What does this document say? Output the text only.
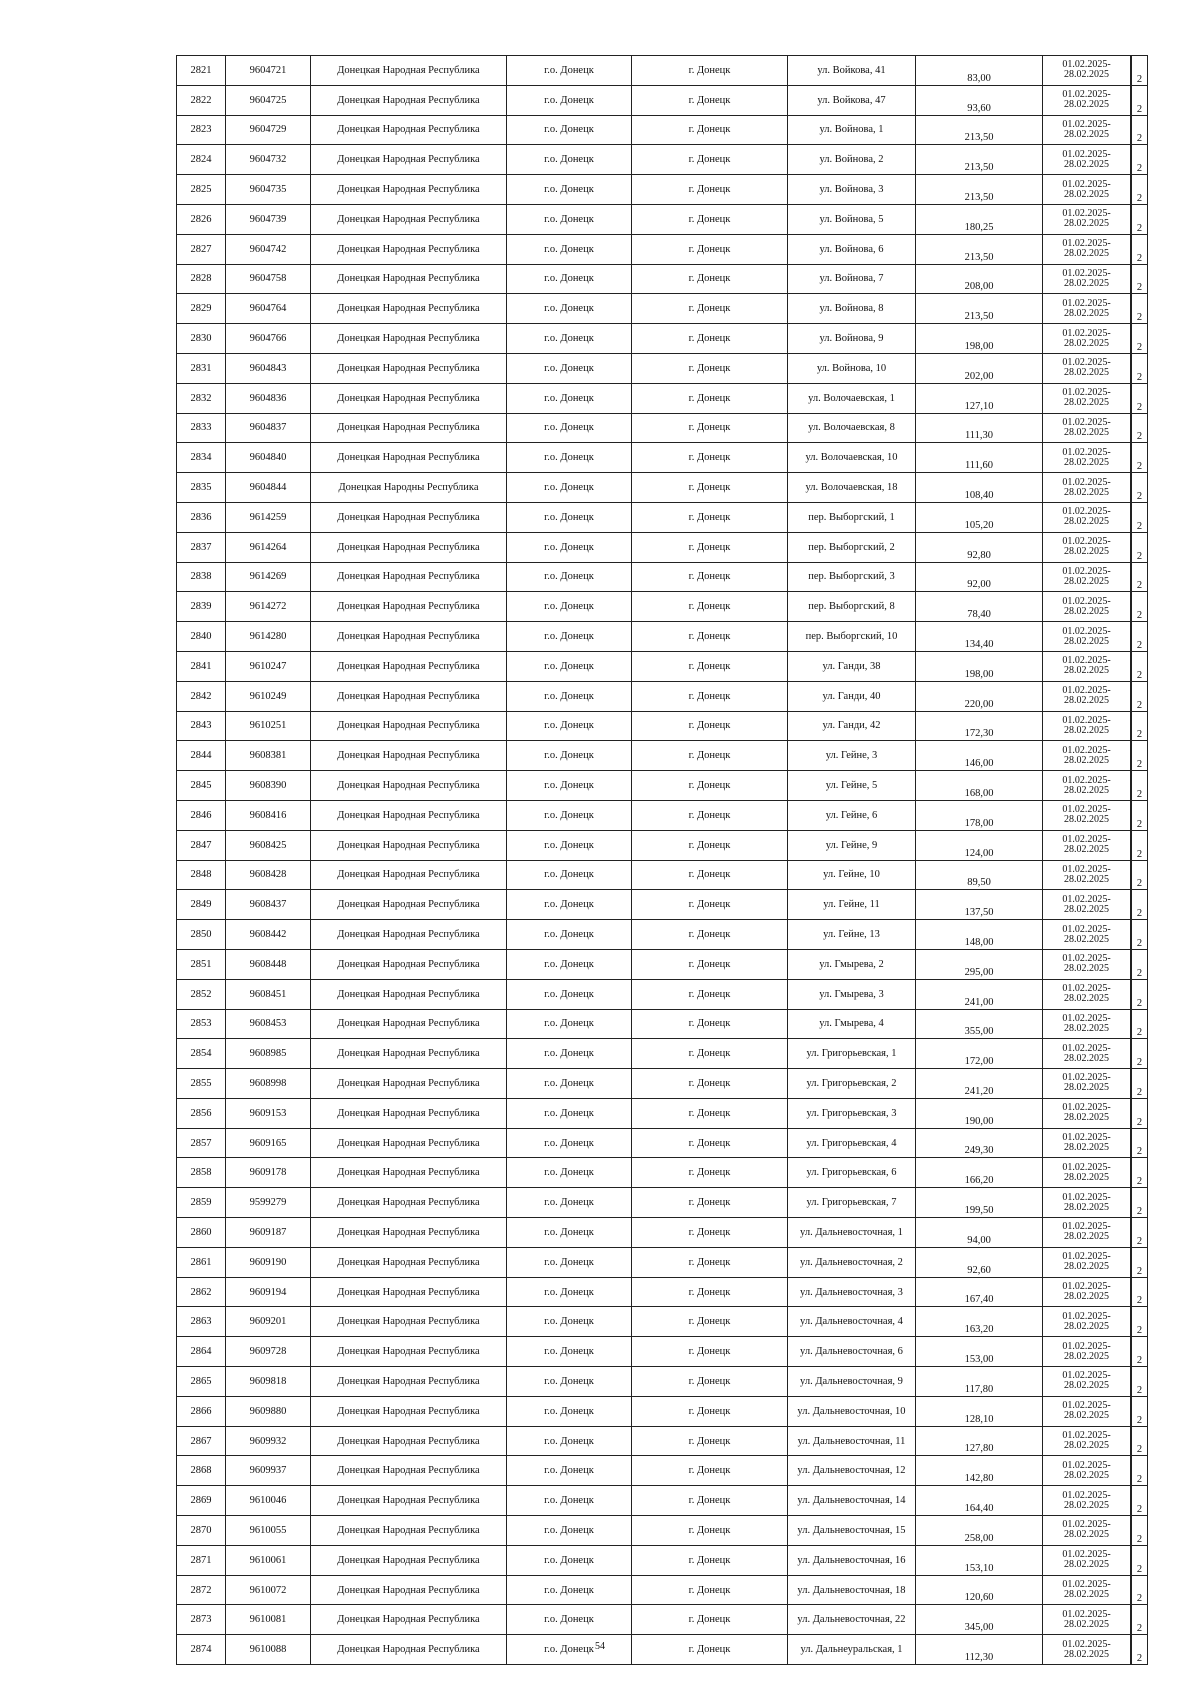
2821	9604721	Донецкая Народная Республика	г.о. Донецк	г. Донецк	ул. Войкова, 41	83,00	01.02.2025-
28.02.2025	2
2822	9604725	Донецкая Народная Республика	г.о. Донецк	г. Донецк	ул. Войкова, 47	93,60	01.02.2025-
28.02.2025	2
2823	9604729	Донецкая Народная Республика	г.о. Донецк	г. Донецк	ул. Войнова, 1	213,50	01.02.2025-
28.02.2025	2
2824	9604732	Донецкая Народная Республика	г.о. Донецк	г. Донецк	ул. Войнова, 2	213,50	01.02.2025-
28.02.2025	2
2825	9604735	Донецкая Народная Республика	г.о. Донецк	г. Донецк	ул. Войнова, 3	213,50	01.02.2025-
28.02.2025	2
2826	9604739	Донецкая Народная Республика	г.о. Донецк	г. Донецк	ул. Войнова, 5	180,25	01.02.2025-
28.02.2025	2
2827	9604742	Донецкая Народная Республика	г.о. Донецк	г. Донецк	ул. Войнова, 6	213,50	01.02.2025-
28.02.2025	2
2828	9604758	Донецкая Народная Республика	г.о. Донецк	г. Донецк	ул. Войнова, 7	208,00	01.02.2025-
28.02.2025	2
2829	9604764	Донецкая Народная Республика	г.о. Донецк	г. Донецк	ул. Войнова, 8	213,50	01.02.2025-
28.02.2025	2
2830	9604766	Донецкая Народная Республика	г.о. Донецк	г. Донецк	ул. Войнова, 9	198,00	01.02.2025-
28.02.2025	2
2831	9604843	Донецкая Народная Республика	г.о. Донецк	г. Донецк	ул. Войнова, 10	202,00	01.02.2025-
28.02.2025	2
2832	9604836	Донецкая Народная Республика	г.о. Донецк	г. Донецк	ул. Волочаевская, 1	127,10	01.02.2025-
28.02.2025	2
2833	9604837	Донецкая Народная Республика	г.о. Донецк	г. Донецк	ул. Волочаевская, 8	111,30	01.02.2025-
28.02.2025	2
2834	9604840	Донецкая Народная Республика	г.о. Донецк	г. Донецк	ул. Волочаевская, 10	111,60	01.02.2025-
28.02.2025	2
2835	9604844	Донецкая Народны Республика	г.о. Донецк	г. Донецк	ул. Волочаевская, 18	108,40	01.02.2025-
28.02.2025	2
2836	9614259	Донецкая Народная Республика	г.о. Донецк	г. Донецк	пер. Выборгский, 1	105,20	01.02.2025-
28.02.2025	2
2837	9614264	Донецкая Народная Республика	г.о. Донецк	г. Донецк	пер. Выборгский, 2	92,80	01.02.2025-
28.02.2025	2
2838	9614269	Донецкая Народная Республика	г.о. Донецк	г. Донецк	пер. Выборгский, 3	92,00	01.02.2025-
28.02.2025	2
2839	9614272	Донецкая Народная Республика	г.о. Донецк	г. Донецк	пер. Выборгский, 8	78,40	01.02.2025-
28.02.2025	2
2840	9614280	Донецкая Народная Республика	г.о. Донецк	г. Донецк	пер. Выборгский, 10	134,40	01.02.2025-
28.02.2025	2
2841	9610247	Донецкая Народная Республика	г.о. Донецк	г. Донецк	ул. Ганди, 38	198,00	01.02.2025-
28.02.2025	2
2842	9610249	Донецкая Народная Республика	г.о. Донецк	г. Донецк	ул. Ганди, 40	220,00	01.02.2025-
28.02.2025	2
2843	9610251	Донецкая Народная Республика	г.о. Донецк	г. Донецк	ул. Ганди, 42	172,30	01.02.2025-
28.02.2025	2
2844	9608381	Донецкая Народная Республика	г.о. Донецк	г. Донецк	ул. Гейне, 3	146,00	01.02.2025-
28.02.2025	2
2845	9608390	Донецкая Народная Республика	г.о. Донецк	г. Донецк	ул. Гейне, 5	168,00	01.02.2025-
28.02.2025	2
2846	9608416	Донецкая Народная Республика	г.о. Донецк	г. Донецк	ул. Гейне, 6	178,00	01.02.2025-
28.02.2025	2
2847	9608425	Донецкая Народная Республика	г.о. Донецк	г. Донецк	ул. Гейне, 9	124,00	01.02.2025-
28.02.2025	2
2848	9608428	Донецкая Народная Республика	г.о. Донецк	г. Донецк	ул. Гейне, 10	89,50	01.02.2025-
28.02.2025	2
2849	9608437	Донецкая Народная Республика	г.о. Донецк	г. Донецк	ул. Гейне, 11	137,50	01.02.2025-
28.02.2025	2
2850	9608442	Донецкая Народная Республика	г.о. Донецк	г. Донецк	ул. Гейне, 13	148,00	01.02.2025-
28.02.2025	2
2851	9608448	Донецкая Народная Республика	г.о. Донецк	г. Донецк	ул. Гмырева, 2	295,00	01.02.2025-
28.02.2025	2
2852	9608451	Донецкая Народная Республика	г.о. Донецк	г. Донецк	ул. Гмырева, 3	241,00	01.02.2025-
28.02.2025	2
2853	9608453	Донецкая Народная Республика	г.о. Донецк	г. Донецк	ул. Гмырева, 4	355,00	01.02.2025-
28.02.2025	2
2854	9608985	Донецкая Народная Республика	г.о. Донецк	г. Донецк	ул. Григорьевская, 1	172,00	01.02.2025-
28.02.2025	2
2855	9608998	Донецкая Народная Республика	г.о. Донецк	г. Донецк	ул. Григорьевская, 2	241,20	01.02.2025-
28.02.2025	2
2856	9609153	Донецкая Народная Республика	г.о. Донецк	г. Донецк	ул. Григорьевская, 3	190,00	01.02.2025-
28.02.2025	2
2857	9609165	Донецкая Народная Республика	г.о. Донецк	г. Донецк	ул. Григорьевская, 4	249,30	01.02.2025-
28.02.2025	2
2858	9609178	Донецкая Народная Республика	г.о. Донецк	г. Донецк	ул. Григорьевская, 6	166,20	01.02.2025-
28.02.2025	2
2859	9599279	Донецкая Народная Республика	г.о. Донецк	г. Донецк	ул. Григорьевская, 7	199,50	01.02.2025-
28.02.2025	2
2860	9609187	Донецкая Народная Республика	г.о. Донецк	г. Донецк	ул. Дальневосточная, 1	94,00	01.02.2025-
28.02.2025	2
2861	9609190	Донецкая Народная Республика	г.о. Донецк	г. Донецк	ул. Дальневосточная, 2	92,60	01.02.2025-
28.02.2025	2
2862	9609194	Донецкая Народная Республика	г.о. Донецк	г. Донецк	ул. Дальневосточная, 3	167,40	01.02.2025-
28.02.2025	2
2863	9609201	Донецкая Народная Республика	г.о. Донецк	г. Донецк	ул. Дальневосточная, 4	163,20	01.02.2025-
28.02.2025	2
2864	9609728	Донецкая Народная Республика	г.о. Донецк	г. Донецк	ул. Дальневосточная, 6	153,00	01.02.2025-
28.02.2025	2
2865	9609818	Донецкая Народная Республика	г.о. Донецк	г. Донецк	ул. Дальневосточная, 9	117,80	01.02.2025-
28.02.2025	2
2866	9609880	Донецкая Народная Республика	г.о. Донецк	г. Донецк	ул. Дальневосточная, 10	128,10	01.02.2025-
28.02.2025	2
2867	9609932	Донецкая Народная Республика	г.о. Донецк	г. Донецк	ул. Дальневосточная, 11	127,80	01.02.2025-
28.02.2025	2
2868	9609937	Донецкая Народная Республика	г.о. Донецк	г. Донецк	ул. Дальневосточная, 12	142,80	01.02.2025-
28.02.2025	2
2869	9610046	Донецкая Народная Республика	г.о. Донецк	г. Донецк	ул. Дальневосточная, 14	164,40	01.02.2025-
28.02.2025	2
2870	9610055	Донецкая Народная Республика	г.о. Донецк	г. Донецк	ул. Дальневосточная, 15	258,00	01.02.2025-
28.02.2025	2
2871	9610061	Донецкая Народная Республика	г.о. Донецк	г. Донецк	ул. Дальневосточная, 16	153,10	01.02.2025-
28.02.2025	2
2872	9610072	Донецкая Народная Республика	г.о. Донецк	г. Донецк	ул. Дальневосточная, 18	120,60	01.02.2025-
28.02.2025	2
2873	9610081	Донецкая Народная Республика	г.о. Донецк	г. Донецк	ул. Дальневосточная, 22	345,00	01.02.2025-
28.02.2025	2
2874	9610088	Донецкая Народная Республика	г.о. Донецк	г. Донецк	ул. Дальнеуральская, 1	112,30	01.02.2025-
28.02.2025	2
54
